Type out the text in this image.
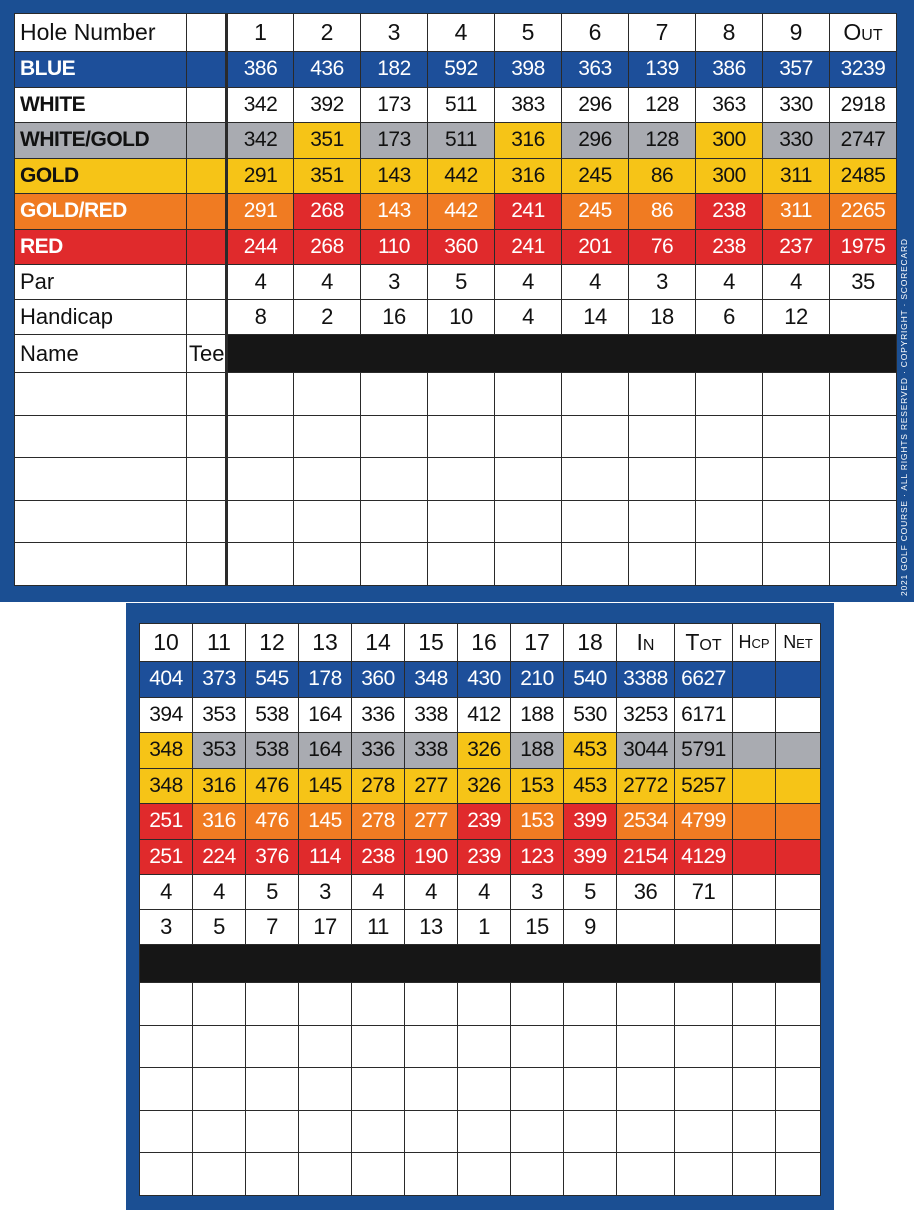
Hole Number		1	2	3	4	5	6	7	8	9	Out
BLUE		386	436	182	592	398	363	139	386	357	3239
WHITE		342	392	173	511	383	296	128	363	330	2918
WHITE/GOLD		342	351	173	511	316	296	128	300	330	2747
GOLD		291	351	143	442	316	245	86	300	311	2485
GOLD/RED		291	268	143	442	241	245	86	238	311	2265
RED		244	268	110	360	241	201	76	238	237	1975
Par		4	4	3	5	4	4	3	4	4	35
Handicap		8	2	16	10	4	14	18	6	12	
Name	Tee										

												© 2021 GOLF COURSE · ALL RIGHTS RESERVED · COPYRIGHT · SCORECARD
10	11	12	13	14	15	16	17	18	In	Tot	Hcp	Net
404	373	545	178	360	348	430	210	540	3388	6627		
394	353	538	164	336	338	412	188	530	3253	6171		
348	353	538	164	336	338	326	188	453	3044	5791		
348	316	476	145	278	277	326	153	453	2772	5257		
251	316	476	145	278	277	239	153	399	2534	4799		
251	224	376	114	238	190	239	123	399	2154	4129		
4	4	5	3	4	4	4	3	5	36	71		
3	5	7	17	11	13	1	15	9				
